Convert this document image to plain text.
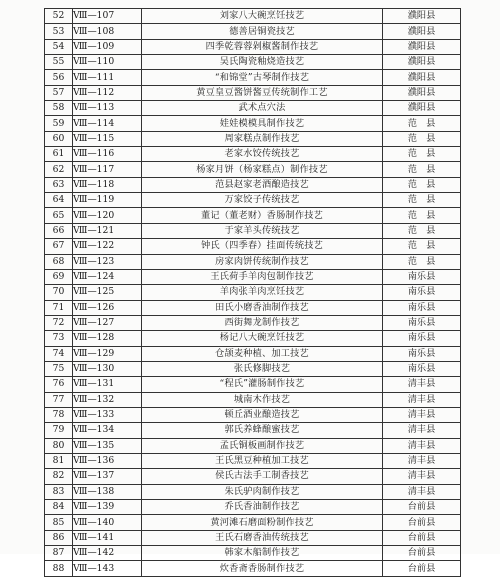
52	Ⅷ—107	刘家八大碗烹饪技艺	濮阳县
53	Ⅷ—108	德善居铜瓷技艺	濮阳县
54	Ⅷ—109	四季乾蓉蓉剁椒酱制作技艺	濮阳县
55	Ⅷ—110	吴氏陶瓷釉烧造技艺	濮阳县
56	Ⅷ—111	“和锦堂”古琴制作技艺	濮阳县
57	Ⅷ—112	黄豆皇豆酱饼酱豆传统制作工艺	濮阳县
58	Ⅷ—113	武术点穴法	濮阳县
59	Ⅷ—114	娃娃模模具制作技艺	范　县
60	Ⅷ—115	周家糕点制作技艺	范　县
61	Ⅷ—116	老家水饺传统技艺	范　县
62	Ⅷ—117	杨家月饼（杨家糕点）制作技艺	范　县
63	Ⅷ—118	范县赵家老酒酿造技艺	范　县
64	Ⅷ—119	万家饺子传统技艺	范　县
65	Ⅷ—120	董记（董老财）香肠制作技艺	范　县
66	Ⅷ—121	于家羊头传统技艺	范　县
67	Ⅷ—122	钟氏（四季春）挂面传统技艺	范　县
68	Ⅷ—123	房家肉饼传统制作技艺	范　县
69	Ⅷ—124	王氏荷手羊肉包制作技艺	南乐县
70	Ⅷ—125	羊肉张羊肉烹饪技艺	南乐县
71	Ⅷ—126	田氏小磨香油制作技艺	南乐县
72	Ⅷ—127	西街舞龙制作技艺	南乐县
73	Ⅷ—128	杨记八大碗烹饪技艺	南乐县
74	Ⅷ—129	仓颉麦种植、加工技艺	南乐县
75	Ⅷ—130	张氏修脚技艺	南乐县
76	Ⅷ—131	“程氏”灌肠制作技艺	清丰县
77	Ⅷ—132	城南木作技艺	清丰县
78	Ⅷ—133	顿丘酒业酿造技艺	清丰县
79	Ⅷ—134	郭氏养蜂酿蜜技艺	清丰县
80	Ⅷ—135	孟氏铜板画制作技艺	清丰县
81	Ⅷ—136	王氏黑豆种植加工技艺	清丰县
82	Ⅷ—137	侯氏古法手工制香技艺	清丰县
83	Ⅷ—138	朱氏驴肉制作技艺	清丰县
84	Ⅷ—139	乔氏香油制作技艺	台前县
85	Ⅷ—140	黄河滩石磨面粉制作技艺	台前县
86	Ⅷ—141	王氏石磨香油传统技艺	台前县
87	Ⅷ—142	韩家木船制作技艺	台前县
88	Ⅷ—143	炊香斋香肠制作技艺	台前县
